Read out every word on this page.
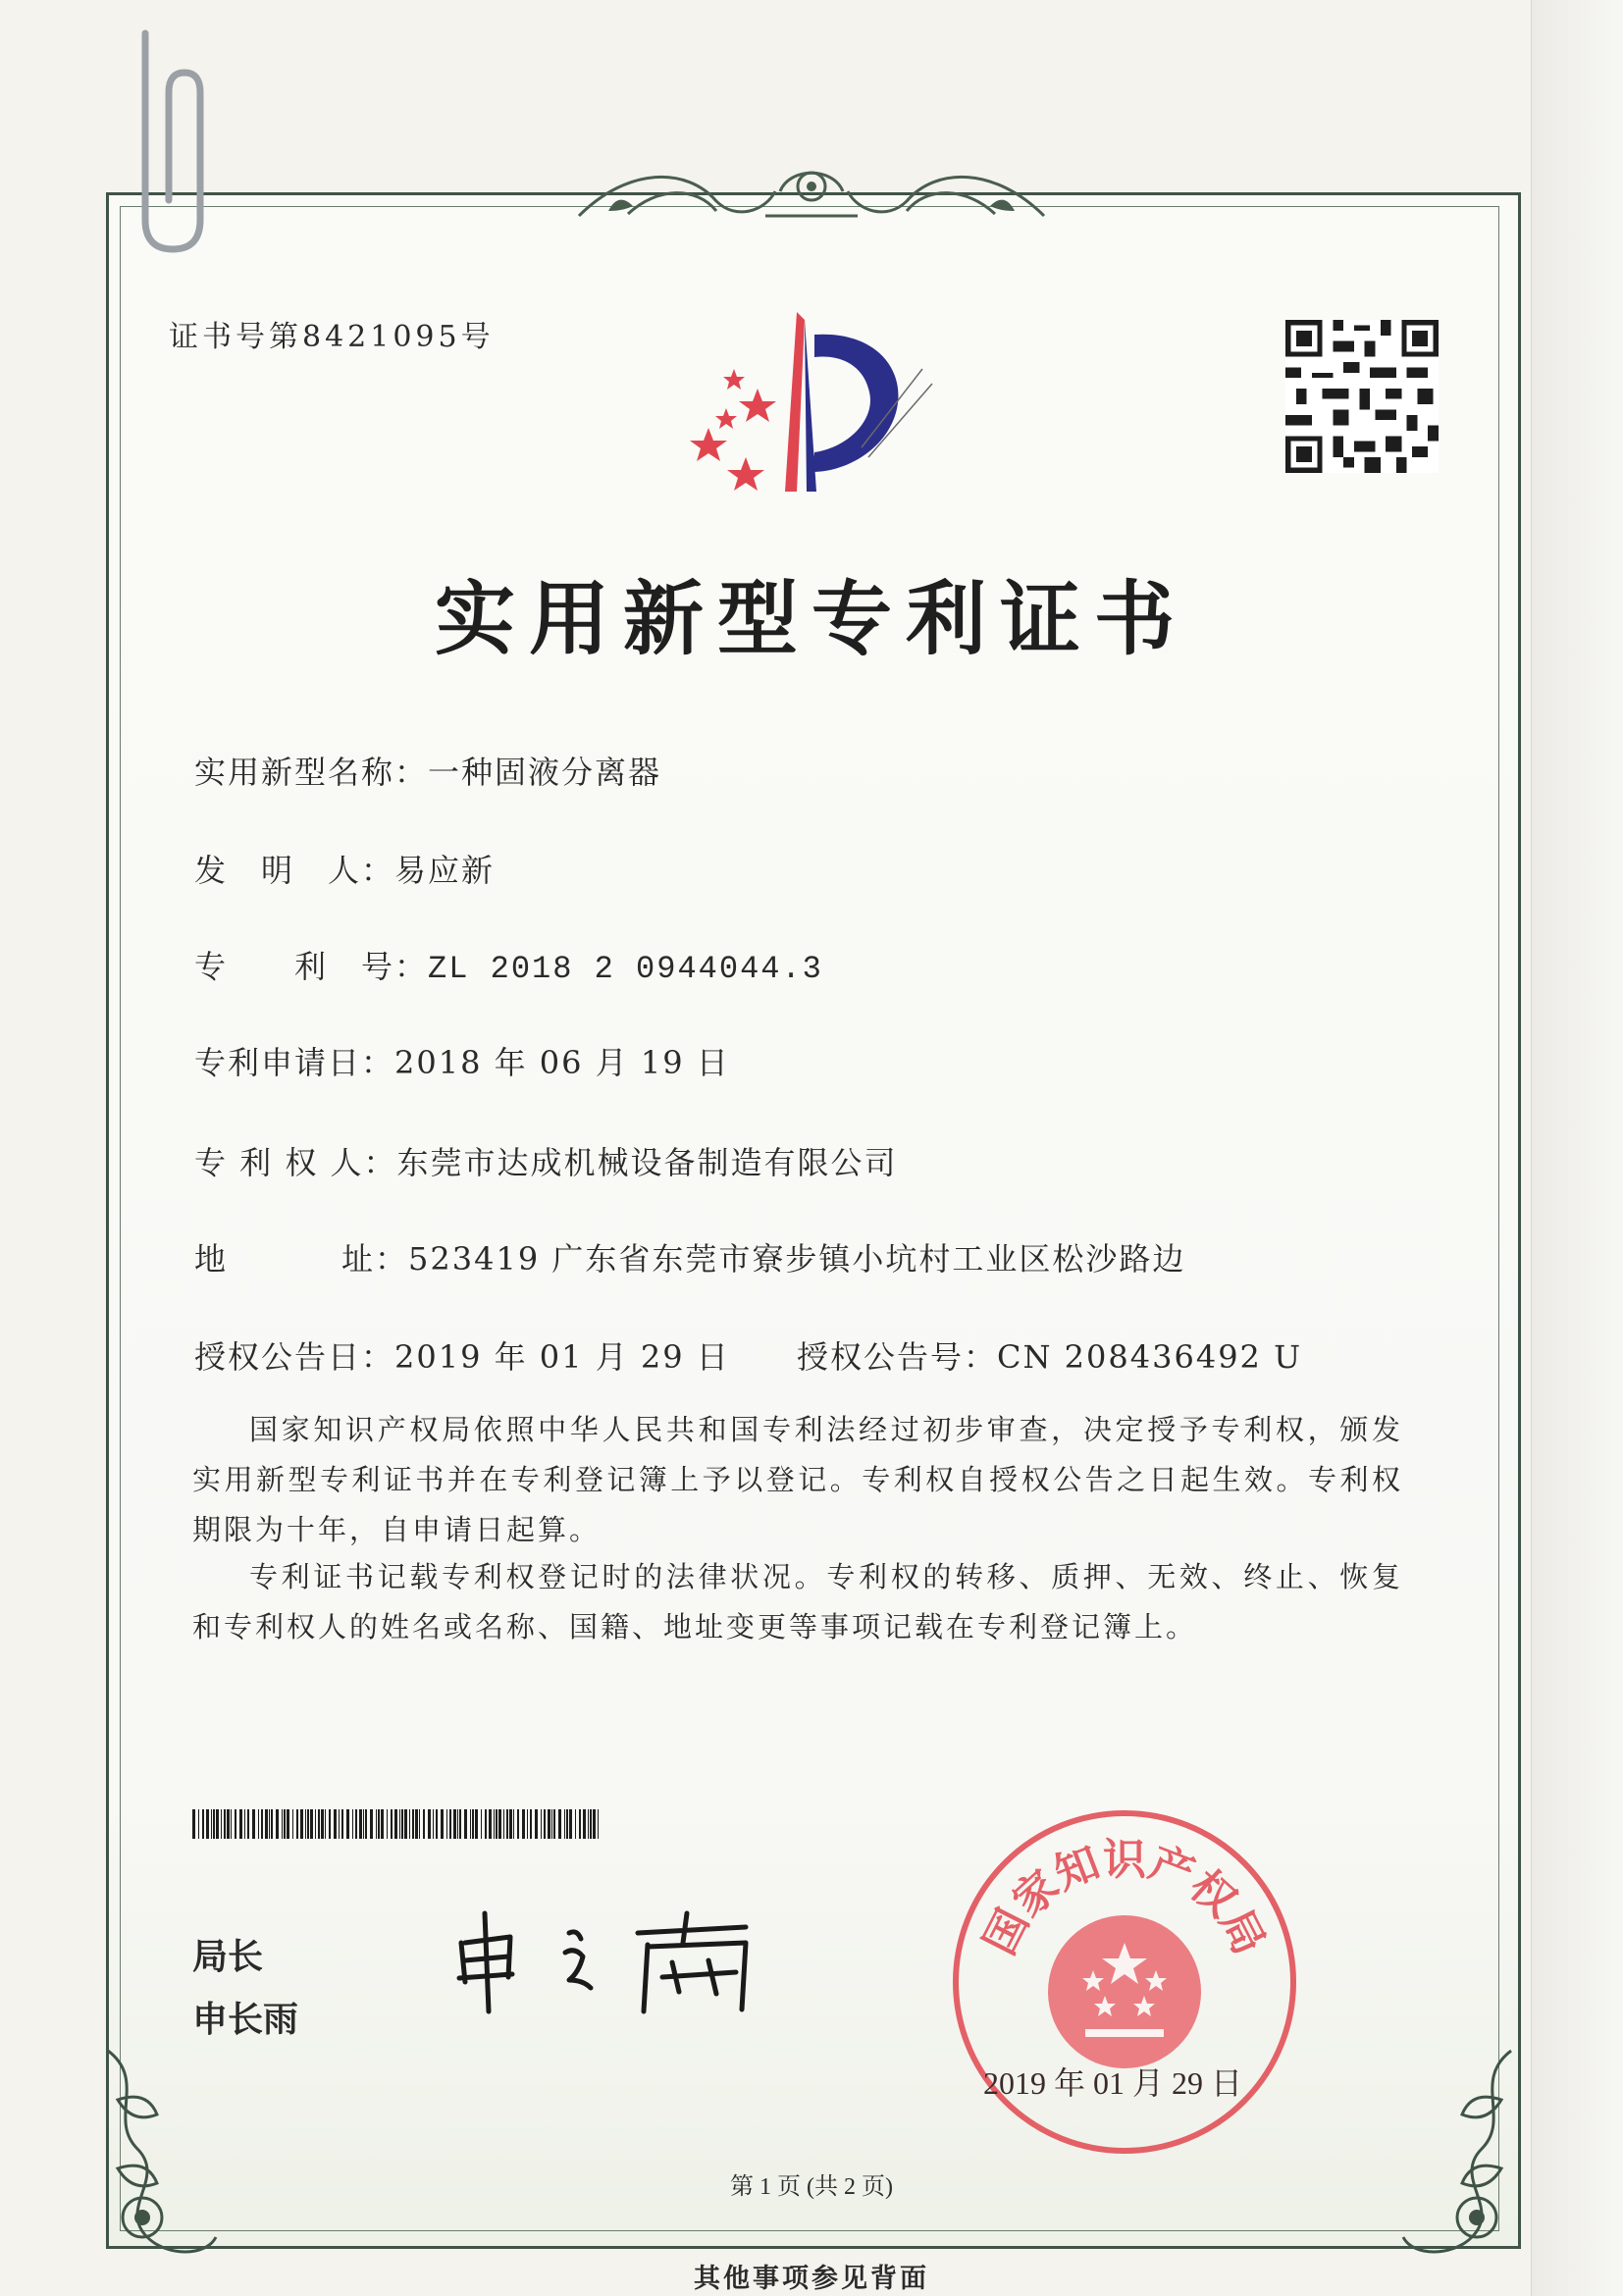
证书号第8421095号
实用新型专利证书
实用新型名称：一种固液分离器
发　明　人：易应新
专　　利　号：ZL 2018 2 0944044.3
专利申请日：2018 年 06 月 19 日
专 利 权 人：东莞市达成机械设备制造有限公司
地	址：523419 广东省东莞市寮步镇小坑村工业区松沙路边
授权公告日：2019 年 01 月 29 日 授权公告号：CN 208436492 U
国家知识产权局依照中华人民共和国专利法经过初步审查，决定授予专利权，颁发实用新型专利证书并在专利登记簿上予以登记。专利权自授权公告之日起生效。专利权期限为十年，自申请日起算。
专利证书记载专利权登记时的法律状况。专利权的转移、质押、无效、终止、恢复和专利权人的姓名或名称、国籍、地址变更等事项记载在专利登记簿上。
局长
申长雨
国家知识产权局
2019 年 01 月 29 日
第 1 页 (共 2 页)
其他事项参见背面
